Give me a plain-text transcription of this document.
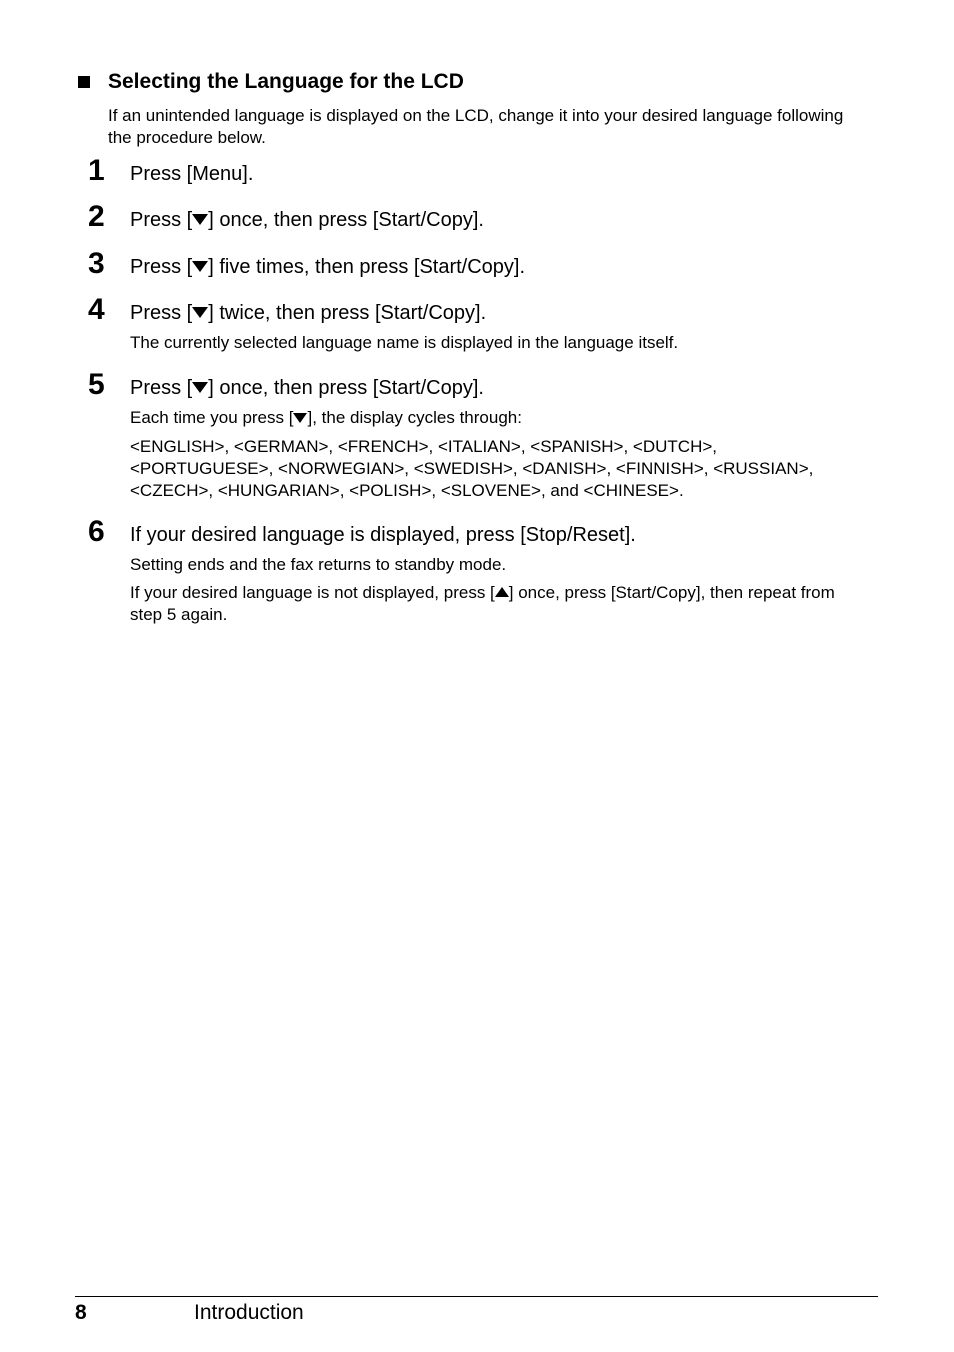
Selecting the Language for the LCD
If an unintended language is displayed on the LCD, change it into your desired language following the procedure below.
1 Press [Menu].
2 Press [ ] once, then press [Start/Copy].
3 Press [ ] five times, then press [Start/Copy].
4 Press [ ] twice, then press [Start/Copy].
The currently selected language name is displayed in the language itself.
5 Press [ ] once, then press [Start/Copy].
Each time you press [ ], the display cycles through:
<ENGLISH>, <GERMAN>, <FRENCH>, <ITALIAN>, <SPANISH>, <DUTCH>, <PORTUGUESE>, <NORWEGIAN>, <SWEDISH>, <DANISH>, <FINNISH>, <RUSSIAN>, <CZECH>, <HUNGARIAN>, <POLISH>, <SLOVENE>, and <CHINESE>.
6 If your desired language is displayed, press [Stop/Reset].
Setting ends and the fax returns to standby mode.
If your desired language is not displayed, press [ ] once, press [Start/Copy], then repeat from step 5 again.
8	Introduction
